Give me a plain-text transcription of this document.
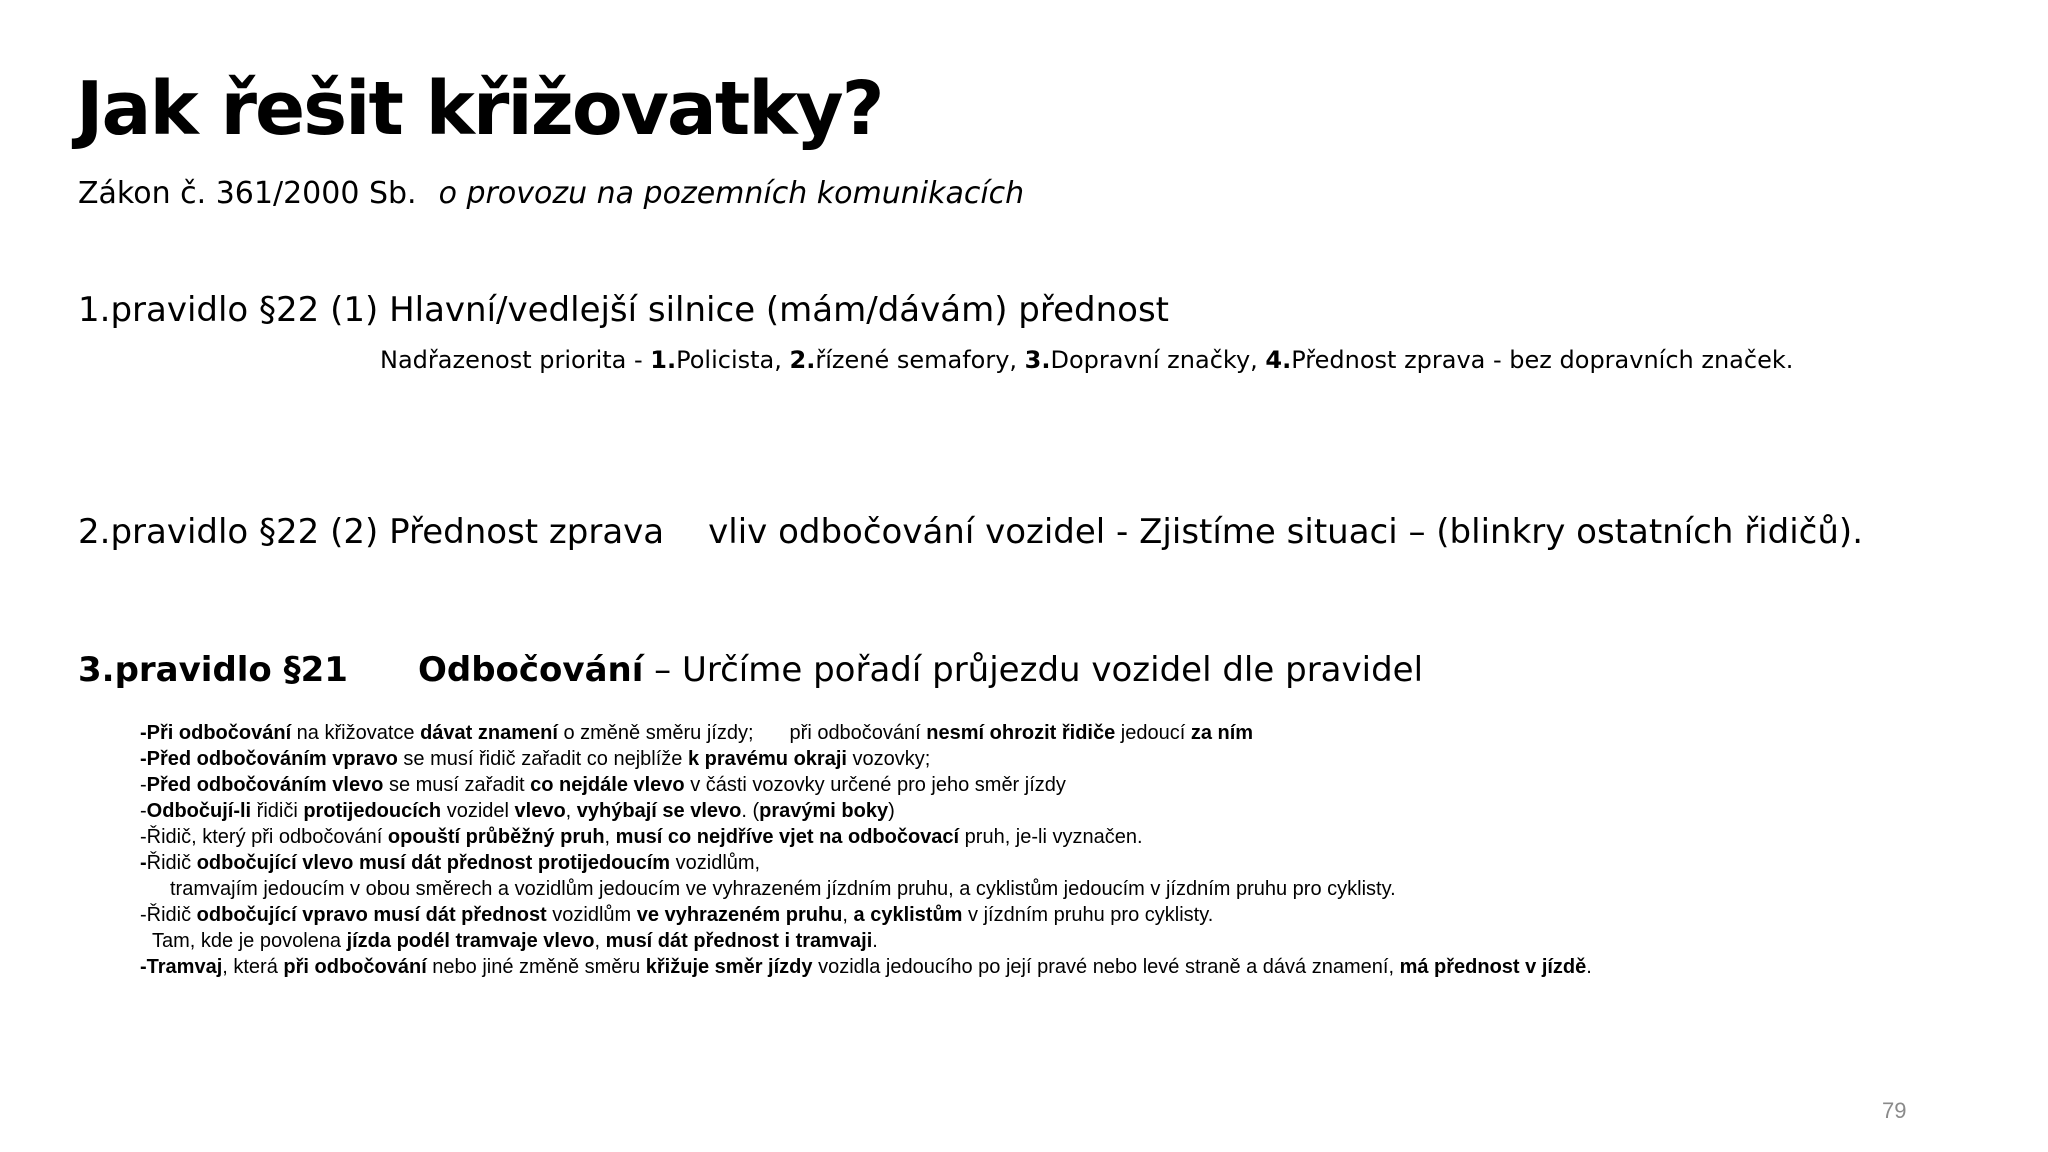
Jak řešit křižovatky?
Zákon č. 361/2000 Sb. o provozu na pozemních komunikacích
1.pravidlo §22 (1) Hlavní/vedlejší silnice (mám/dávám) přednost
Nadřazenost priorita - 1.Policista, 2.řízené semafory, 3.Dopravní značky, 4.Přednost zprava - bez dopravních značek.
2.pravidlo §22 (2) Přednost zprava vliv odbočování vozidel - Zjistíme situaci – (blinkry ostatních řidičů).
3.pravidlo §21 Odbočování – Určíme pořadí průjezdu vozidel dle pravidel
-Při odbočování na křižovatce dávat znamení o změně směru jízdy; při odbočování nesmí ohrozit řidiče jedoucí za ním
-Před odbočováním vpravo se musí řidič zařadit co nejblíže k pravému okraji vozovky;
-Před odbočováním vlevo se musí zařadit co nejdále vlevo v části vozovky určené pro jeho směr jízdy
-Odbočují-li řidiči protijedoucích vozidel vlevo, vyhýbají se vlevo. (pravými boky)
-Řidič, který při odbočování opouští průběžný pruh, musí co nejdříve vjet na odbočovací pruh, je-li vyznačen.
-Řidič odbočující vlevo musí dát přednost protijedoucím vozidlům,
tramvajím jedoucím v obou směrech a vozidlům jedoucím ve vyhrazeném jízdním pruhu, a cyklistům jedoucím v jízdním pruhu pro cyklisty.
-Řidič odbočující vpravo musí dát přednost vozidlům ve vyhrazeném pruhu, a cyklistům v jízdním pruhu pro cyklisty.
Tam, kde je povolena jízda podél tramvaje vlevo, musí dát přednost i tramvaji.
-Tramvaj, která při odbočování nebo jiné změně směru křižuje směr jízdy vozidla jedoucího po její pravé nebo levé straně a dává znamení, má přednost v jízdě.
79
